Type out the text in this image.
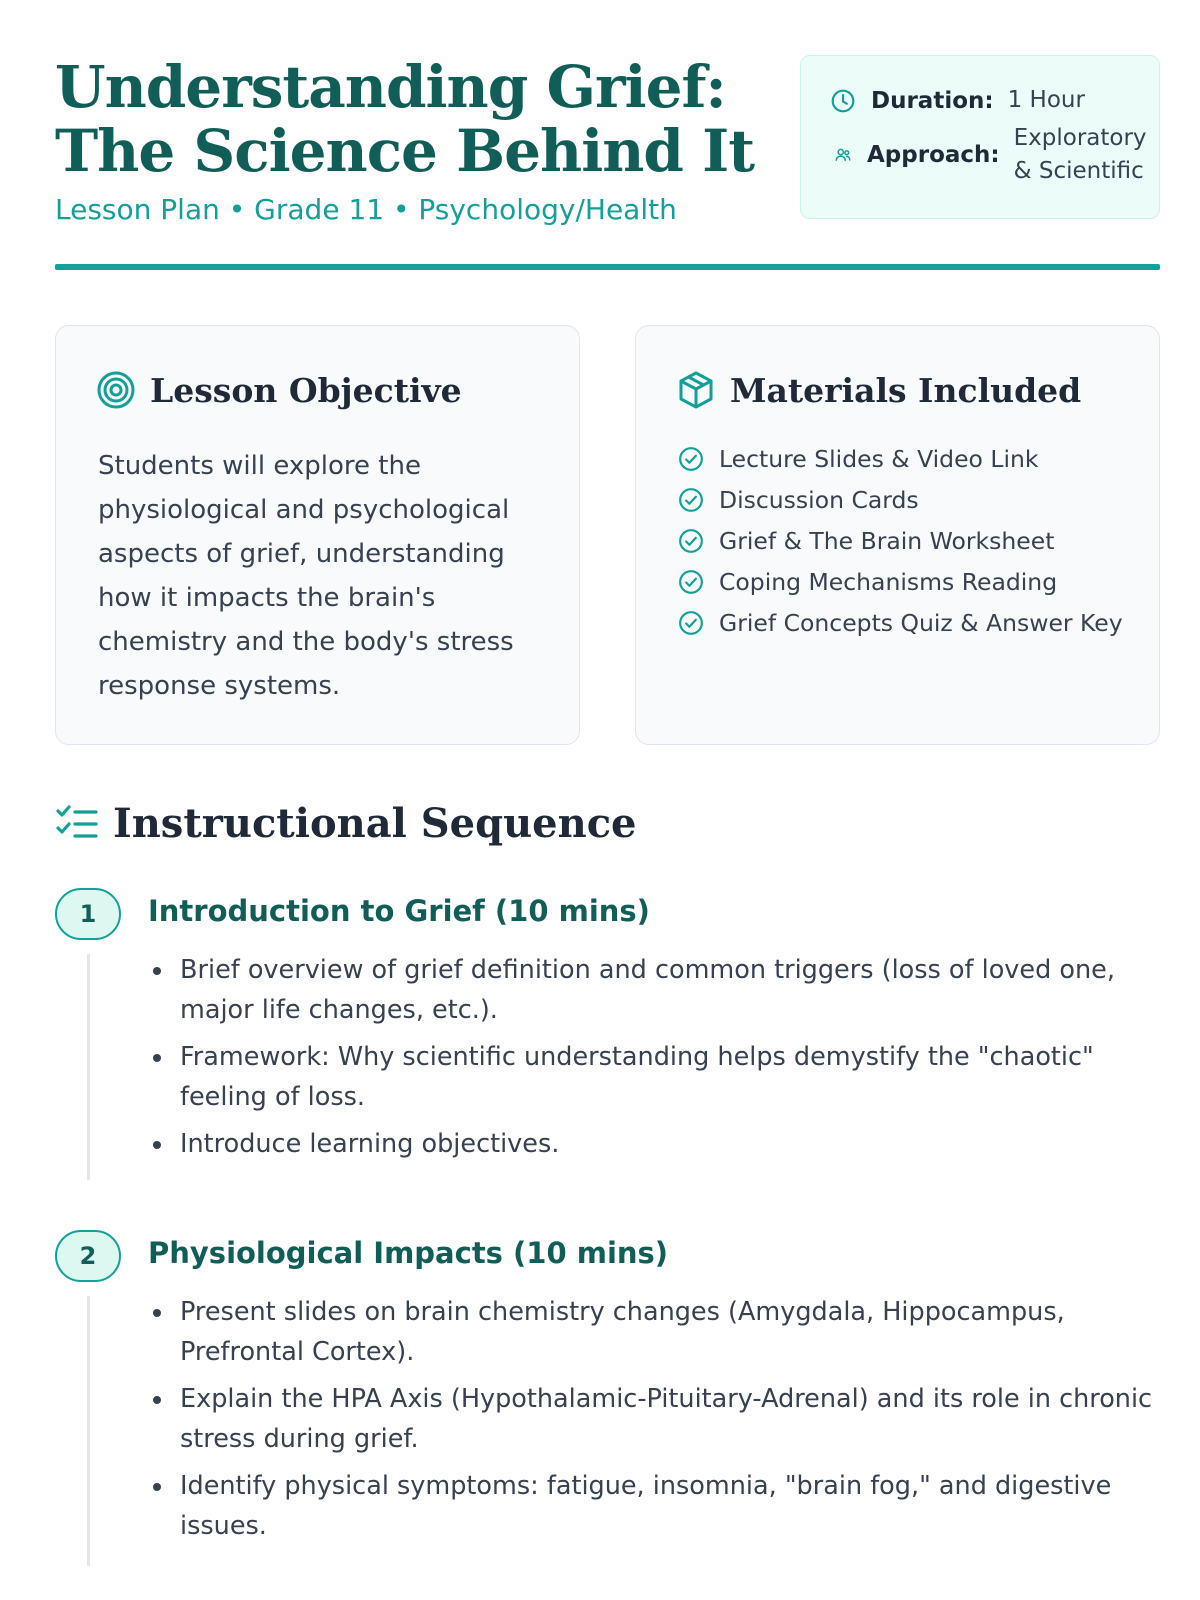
Understanding Grief: The Science Behind It
Lesson Plan • Grade 11 • Psychology/Health
Duration: 1 Hour
Approach:
Exploratory & Scientific
Lesson Objective

Students will explore the physiological and psychological aspects of grief, understanding how it impacts the brain's chemistry and the body's stress response systems.

Materials Included
Lecture Slides & Video Link
Discussion Cards
Grief & The Brain Worksheet
Coping Mechanisms Reading
Grief Concepts Quiz & Answer Key
Instructional Sequence
1	Introduction to Grief (10 mins)
Brief overview of grief definition and common triggers (loss of loved one, major life changes, etc.).
Framework: Why scientific understanding helps demystify the "chaotic" feeling of loss.
Introduce learning objectives.
2	Physiological Impacts (10 mins)
Present slides on brain chemistry changes (Amygdala, Hippocampus, Prefrontal Cortex).
Explain the HPA Axis (Hypothalamic-Pituitary-Adrenal) and its role in chronic stress during grief.
Identify physical symptoms: fatigue, insomnia, "brain fog," and digestive issues.
